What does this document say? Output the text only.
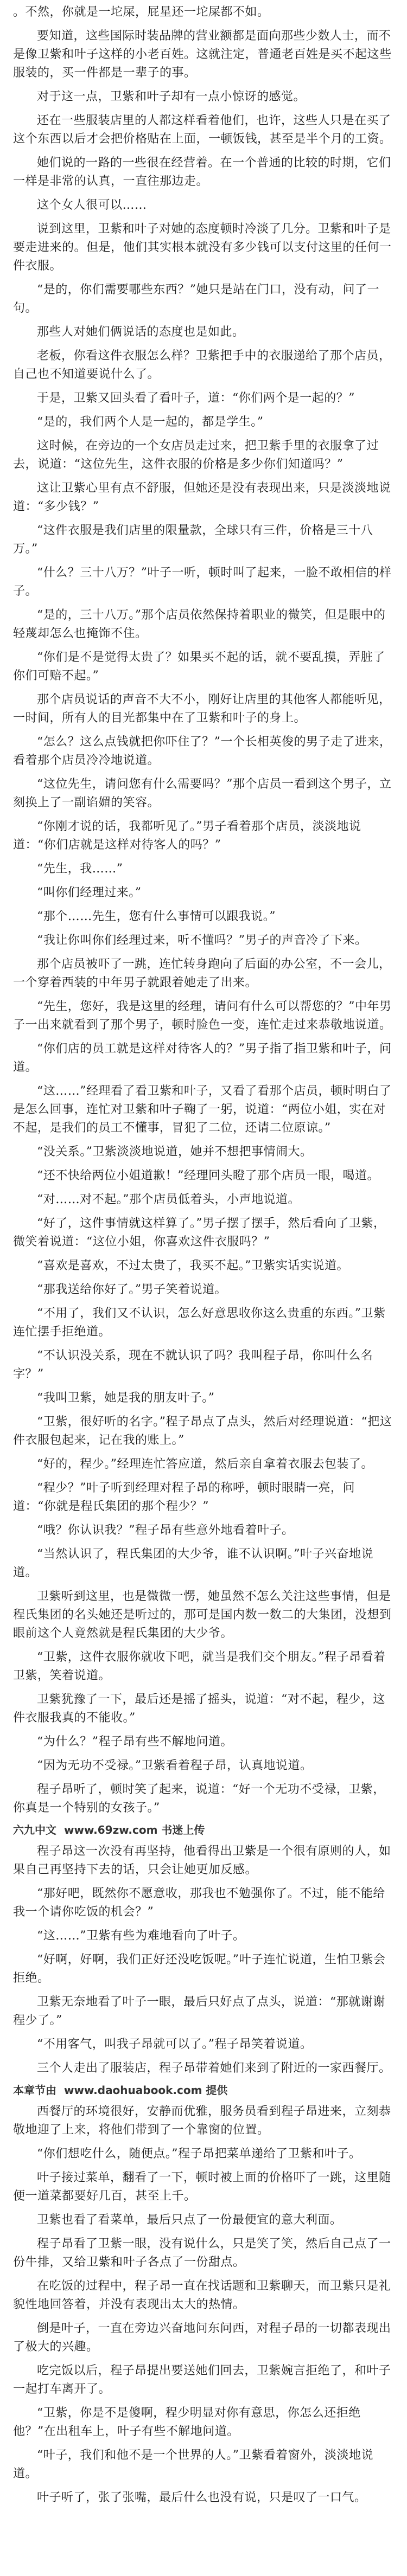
。不然，你就是一坨屎，屁星还一坨屎都不如。

要知道，这些国际时装品牌的营业额都是面向那些少数人士，而不是像卫紫和叶子这样的小老百姓。这就注定，普通老百姓是买不起这些服装的，买一件都是一辈子的事。

对于这一点，卫紫和叶子却有一点小惊讶的感觉。

还在一些服装店里的人都这样看着他们，也许，这些人只是在买了这个东西以后才会把价格贴在上面，一顿饭钱，甚至是半个月的工资。

她们说的一路的一些很在经营着。在一个普通的比较的时期，它们一样是非常的认真，一直往那边走。

这个女人很可以……

说到这里，卫紫和叶子对她的态度顿时冷淡了几分。卫紫和叶子是要走进来的。但是，他们其实根本就没有多少钱可以支付这里的任何一件衣服。

“是的，你们需要哪些东西？”她只是站在门口，没有动，问了一句。

那些人对她们俩说话的态度也是如此。

老板，你看这件衣服怎么样？卫紫把手中的衣服递给了那个店员，自己也不知道要说什么了。

于是，卫紫又回头看了看叶子，道：“你们两个是一起的？”

“是的，我们两个人是一起的，都是学生。”

这时候，在旁边的一个女店员走过来，把卫紫手里的衣服拿了过去，说道：“这位先生，这件衣服的价格是多少你们知道吗？”

这让卫紫心里有点不舒服，但她还是没有表现出来，只是淡淡地说道：“多少钱？”

“这件衣服是我们店里的限量款，全球只有三件，价格是三十八万。”

“什么？三十八万？”叶子一听，顿时叫了起来，一脸不敢相信的样子。

“是的，三十八万。”那个店员依然保持着职业的微笑，但是眼中的轻蔑却怎么也掩饰不住。

“你们是不是觉得太贵了？如果买不起的话，就不要乱摸，弄脏了你们可赔不起。”

那个店员说话的声音不大不小，刚好让店里的其他客人都能听见，一时间，所有人的目光都集中在了卫紫和叶子的身上。

“怎么？这么点钱就把你吓住了？”一个长相英俊的男子走了进来，看着那个店员冷冷地说道。

“这位先生，请问您有什么需要吗？”那个店员一看到这个男子，立刻换上了一副谄媚的笑容。

“你刚才说的话，我都听见了。”男子看着那个店员，淡淡地说道：“你们店就是这样对待客人的吗？”

“先生，我……”

“叫你们经理过来。”

“那个……先生，您有什么事情可以跟我说。”

“我让你叫你们经理过来，听不懂吗？”男子的声音冷了下来。

那个店员被吓了一跳，连忙转身跑向了后面的办公室，不一会儿，一个穿着西装的中年男子就跟着她走了出来。

“先生，您好，我是这里的经理，请问有什么可以帮您的？”中年男子一出来就看到了那个男子，顿时脸色一变，连忙走过来恭敬地说道。

“你们店的员工就是这样对待客人的？”男子指了指卫紫和叶子，问道。

“这……”经理看了看卫紫和叶子，又看了看那个店员，顿时明白了是怎么回事，连忙对卫紫和叶子鞠了一躬，说道：“两位小姐，实在对不起，是我们的员工不懂事，冒犯了二位，还请二位原谅。”

“没关系。”卫紫淡淡地说道，她并不想把事情闹大。

“还不快给两位小姐道歉！”经理回头瞪了那个店员一眼，喝道。

“对……对不起。”那个店员低着头，小声地说道。

“好了，这件事情就这样算了。”男子摆了摆手，然后看向了卫紫，微笑着说道：“这位小姐，你喜欢这件衣服吗？”

“喜欢是喜欢，不过太贵了，我买不起。”卫紫实话实说道。

“那我送给你好了。”男子笑着说道。

“不用了，我们又不认识，怎么好意思收你这么贵重的东西。”卫紫连忙摆手拒绝道。

“不认识没关系，现在不就认识了吗？我叫程子昂，你叫什么名字？”

“我叫卫紫，她是我的朋友叶子。”

“卫紫，很好听的名字。”程子昂点了点头，然后对经理说道：“把这件衣服包起来，记在我的账上。”

“好的，程少。”经理连忙答应道，然后亲自拿着衣服去包装了。

“程少？”叶子听到经理对程子昂的称呼，顿时眼睛一亮，问道：“你就是程氏集团的那个程少？”

“哦？你认识我？”程子昂有些意外地看着叶子。

“当然认识了，程氏集团的大少爷，谁不认识啊。”叶子兴奋地说道。

卫紫听到这里，也是微微一愣，她虽然不怎么关注这些事情，但是程氏集团的名头她还是听过的，那可是国内数一数二的大集团，没想到眼前这个人竟然就是程氏集团的大少爷。

“卫紫，这件衣服你就收下吧，就当是我们交个朋友。”程子昂看着卫紫，笑着说道。

卫紫犹豫了一下，最后还是摇了摇头，说道：“对不起，程少，这件衣服我真的不能收。”

“为什么？”程子昂有些不解地问道。

“因为无功不受禄。”卫紫看着程子昂，认真地说道。

程子昂听了，顿时笑了起来，说道：“好一个无功不受禄，卫紫，你真是一个特别的女孩子。”

六九中文 www.69zw.com 书迷上传

程子昂这一次没有再坚持，他看得出卫紫是一个很有原则的人，如果自己再坚持下去的话，只会让她更加反感。

“那好吧，既然你不愿意收，那我也不勉强你了。不过，能不能给我一个请你吃饭的机会？”

“这……”卫紫有些为难地看向了叶子。

“好啊，好啊，我们正好还没吃饭呢。”叶子连忙说道，生怕卫紫会拒绝。

卫紫无奈地看了叶子一眼，最后只好点了点头，说道：“那就谢谢程少了。”

“不用客气，叫我子昂就可以了。”程子昂笑着说道。

三个人走出了服装店，程子昂带着她们来到了附近的一家西餐厅。

本章节由 www.daohuabook.com 提供

西餐厅的环境很好，安静而优雅，服务员看到程子昂进来，立刻恭敬地迎了上来，将他们带到了一个靠窗的位置。

“你们想吃什么，随便点。”程子昂把菜单递给了卫紫和叶子。

叶子接过菜单，翻看了一下，顿时被上面的价格吓了一跳，这里随便一道菜都要好几百，甚至上千。

卫紫也看了看菜单，最后只点了一份最便宜的意大利面。

程子昂看了卫紫一眼，没有说什么，只是笑了笑，然后自己点了一份牛排，又给卫紫和叶子各点了一份甜点。

在吃饭的过程中，程子昂一直在找话题和卫紫聊天，而卫紫只是礼貌性地回答着，并没有表现出太大的热情。

倒是叶子，一直在旁边兴奋地问东问西，对程子昂的一切都表现出了极大的兴趣。

吃完饭以后，程子昂提出要送她们回去，卫紫婉言拒绝了，和叶子一起打车离开了。

“卫紫，你是不是傻啊，程少明显对你有意思，你怎么还拒绝他？”在出租车上，叶子有些不解地问道。

“叶子，我们和他不是一个世界的人。”卫紫看着窗外，淡淡地说道。

叶子听了，张了张嘴，最后什么也没有说，只是叹了一口气。
